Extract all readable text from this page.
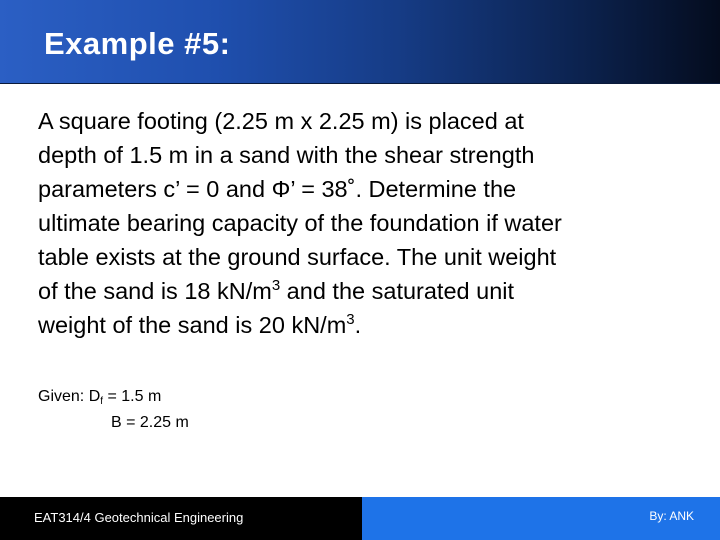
Example #5:
A square footing (2.25 m x 2.25 m) is placed at
depth of 1.5 m in a sand with the shear strength
parameters c’ = 0 and Φ’ = 38˚. Determine the
ultimate bearing capacity of the foundation if water
table exists at the ground surface. The unit weight
of the sand is 18 $kN/m^3$ and the saturated unit
weight of the sand is 20 $kN/m^3$.
Given: $D_f = 1.5$ m
B = 2.25 m
EAT314/4 Geotechnical Engineering	By: ANK
